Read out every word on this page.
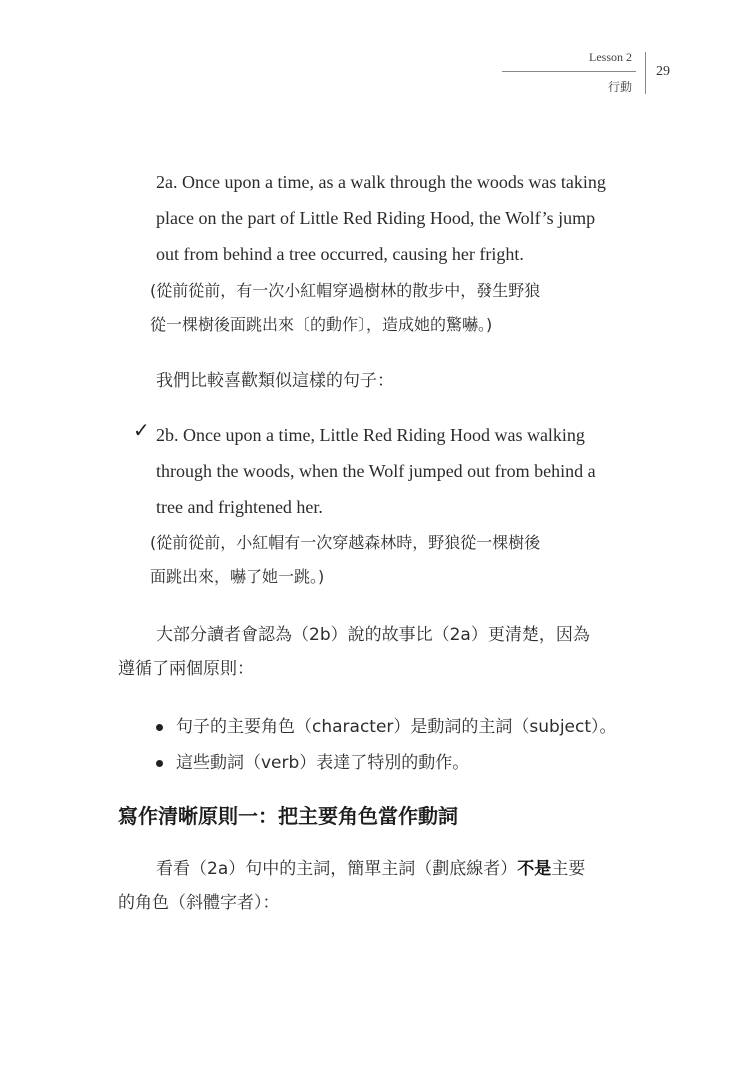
Lesson 2
行動
29
2a. Once upon a time, as a walk through the woods was taking
place on the part of Little Red Riding Hood, the Wolf’s jump
out from behind a tree occurred, causing her fright.
(從前從前，有一次小紅帽穿過樹林的散步中，發生野狼
從一棵樹後面跳出來〔的動作〕，造成她的驚嚇。)
我們比較喜歡類似這樣的句子：
✓ 2b. Once upon a time, Little Red Riding Hood was walking
through the woods, when the Wolf jumped out from behind a
tree and frightened her.
(從前從前，小紅帽有一次穿越森林時，野狼從一棵樹後
面跳出來，嚇了她一跳。)
大部分讀者會認為（2b）說的故事比（2a）更清楚，因為
遵循了兩個原則：
句子的主要角色（character）是動詞的主詞（subject）。
這些動詞（verb）表達了特別的動作。
寫作清晰原則一：把主要角色當作動詞
看看（2a）句中的主詞，簡單主詞（劃底線者）不是主要
的角色（斜體字者）：
